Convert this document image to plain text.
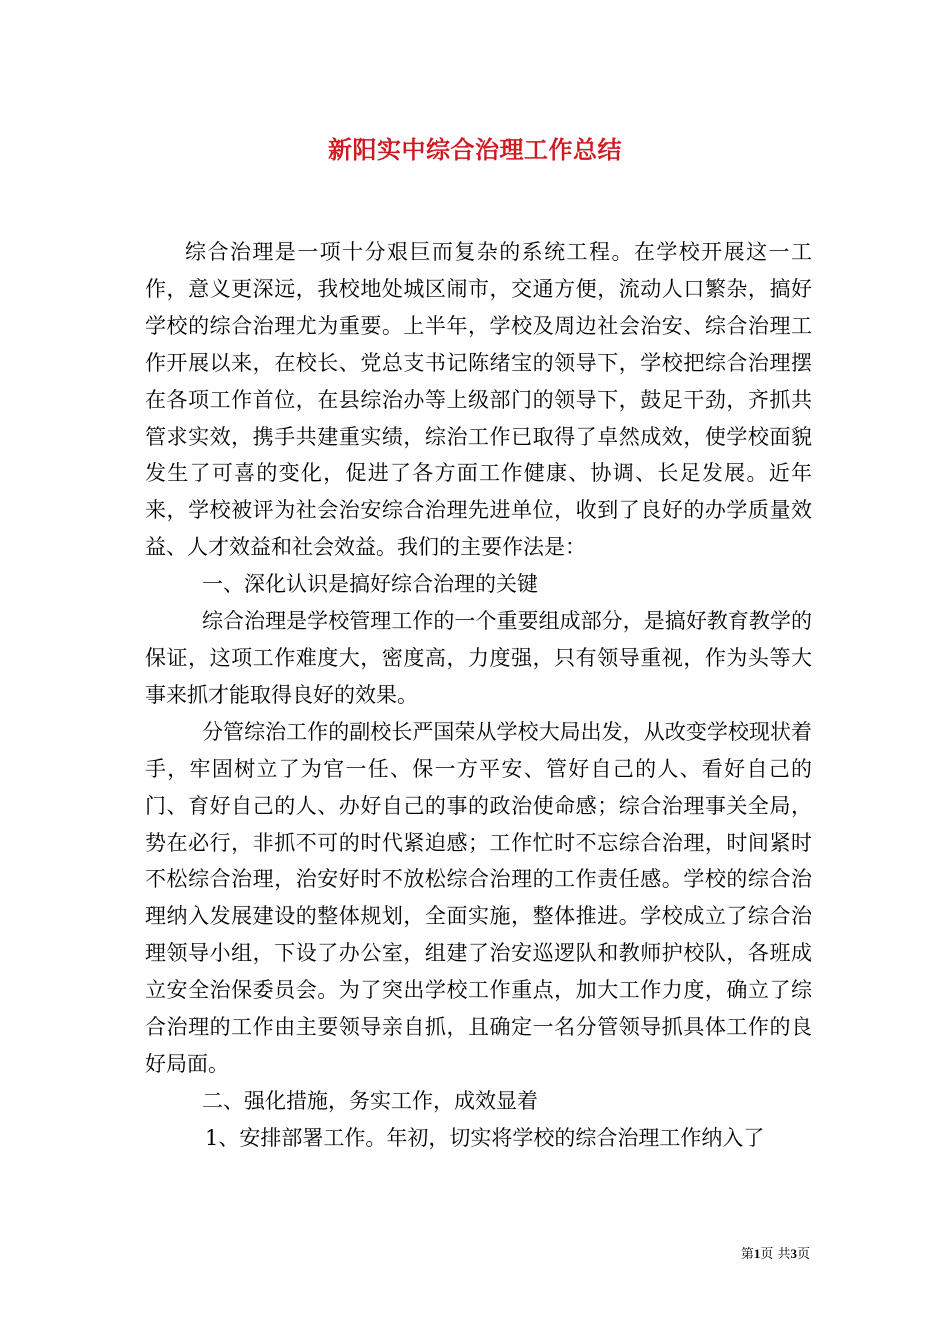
新阳实中综合治理工作总结

综合治理是一项十分艰巨而复杂的系统工程。在学校开展这一工作，意义更深远，我校地处城区闹市，交通方便，流动人口繁杂，搞好学校的综合治理尤为重要。上半年，学校及周边社会治安、综合治理工作开展以来，在校长、党总支书记陈绪宝的领导下，学校把综合治理摆在各项工作首位，在县综治办等上级部门的领导下，鼓足干劲，齐抓共管求实效，携手共建重实绩，综治工作已取得了卓然成效，使学校面貌发生了可喜的变化，促进了各方面工作健康、协调、长足发展。近年来，学校被评为社会治安综合治理先进单位，收到了良好的办学质量效益、人才效益和社会效益。我们的主要作法是：

一、深化认识是搞好综合治理的关键

综合治理是学校管理工作的一个重要组成部分，是搞好教育教学的保证，这项工作难度大，密度高，力度强，只有领导重视，作为头等大事来抓才能取得良好的效果。

分管综治工作的副校长严国荣从学校大局出发，从改变学校现状着手，牢固树立了为官一任、保一方平安、管好自己的人、看好自己的门、育好自己的人、办好自己的事的政治使命感；综合治理事关全局，势在必行，非抓不可的时代紧迫感；工作忙时不忘综合治理，时间紧时不松综合治理，治安好时不放松综合治理的工作责任感。学校的综合治理纳入发展建设的整体规划，全面实施，整体推进。学校成立了综合治理领导小组，下设了办公室，组建了治安巡逻队和教师护校队，各班成立安全治保委员会。为了突出学校工作重点，加大工作力度，确立了综合治理的工作由主要领导亲自抓，且确定一名分管领导抓具体工作的良好局面。

二、强化措施，务实工作，成效显着

1、安排部署工作。年初，切实将学校的综合治理工作纳入了

第1页 共3页
